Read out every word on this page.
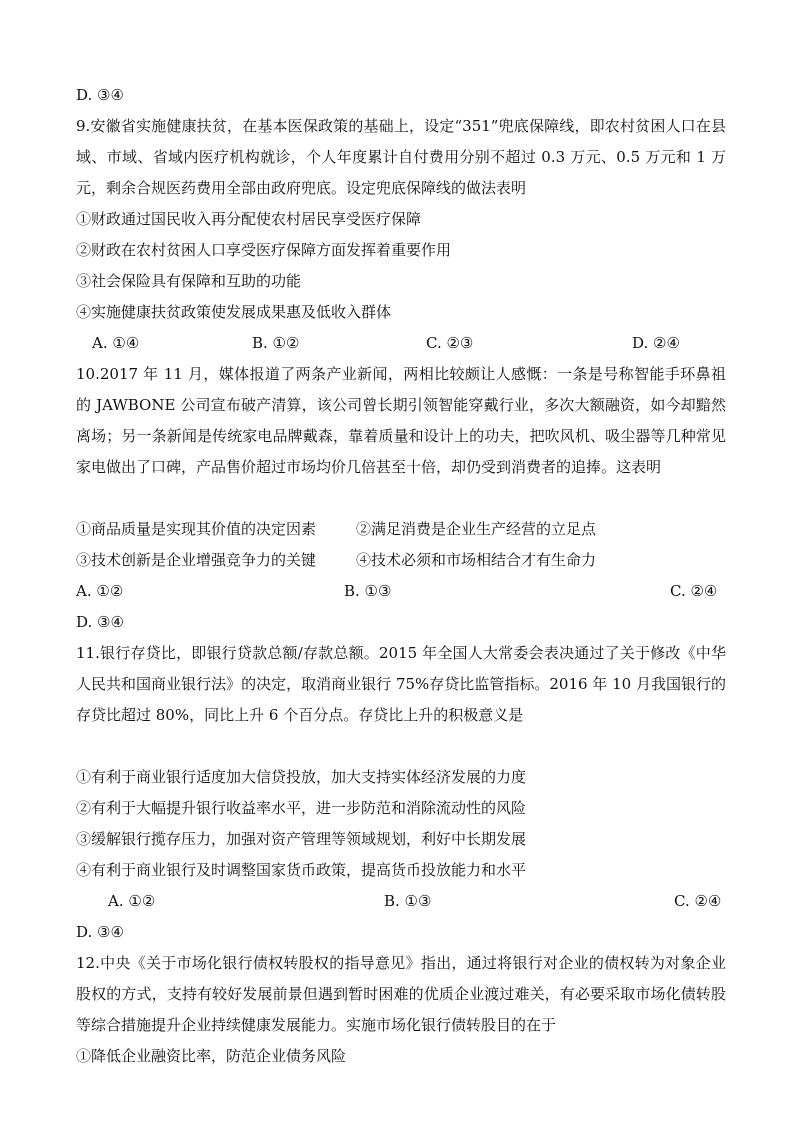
D. ③④
9.安徽省实施健康扶贫，在基本医保政策的基础上，设定“351”兜底保障线，即农村贫困人口在县域、市域、省域内医疗机构就诊，个人年度累计自付费用分别不超过 0.3 万元、0.5 万元和 1 万元，剩余合规医药费用全部由政府兜底。设定兜底保障线的做法表明
①财政通过国民收入再分配使农村居民享受医疗保障
②财政在农村贫困人口享受医疗保障方面发挥着重要作用
③社会保险具有保障和互助的功能
④实施健康扶贫政策使发展成果惠及低收入群体
A. ①④	B. ①②	C. ②③	D. ②④
10.2017 年 11 月，媒体报道了两条产业新闻，两相比较颇让人感慨：一条是号称智能手环鼻祖的 JAWBONE 公司宣布破产清算，该公司曾长期引领智能穿戴行业，多次大额融资，如今却黯然离场；另一条新闻是传统家电品牌戴森，靠着质量和设计上的功夫，把吹风机、吸尘器等几种常见家电做出了口碑，产品售价超过市场均价几倍甚至十倍，却仍受到消费者的追捧。这表明
①商品质量是实现其价值的决定因素	②满足消费是企业生产经营的立足点
③技术创新是企业增强竞争力的关键	④技术必须和市场相结合才有生命力
A. ①②	B. ①③	C. ②④
D. ③④
11.银行存贷比，即银行贷款总额/存款总额。2015 年全国人大常委会表决通过了关于修改《中华人民共和国商业银行法》的决定，取消商业银行 75%存贷比监管指标。2016 年 10 月我国银行的存贷比超过 80%，同比上升 6 个百分点。存贷比上升的积极意义是
①有利于商业银行适度加大信贷投放，加大支持实体经济发展的力度
②有利于大幅提升银行收益率水平，进一步防范和消除流动性的风险
③缓解银行揽存压力，加强对资产管理等领域规划，利好中长期发展
④有利于商业银行及时调整国家货币政策，提高货币投放能力和水平
A. ①②	B. ①③	C. ②④
D. ③④
12.中央《关于市场化银行债权转股权的指导意见》指出，通过将银行对企业的债权转为对象企业股权的方式，支持有较好发展前景但遇到暂时困难的优质企业渡过难关，有必要采取市场化债转股等综合措施提升企业持续健康发展能力。实施市场化银行债转股目的在于
①降低企业融资比率，防范企业债务风险
